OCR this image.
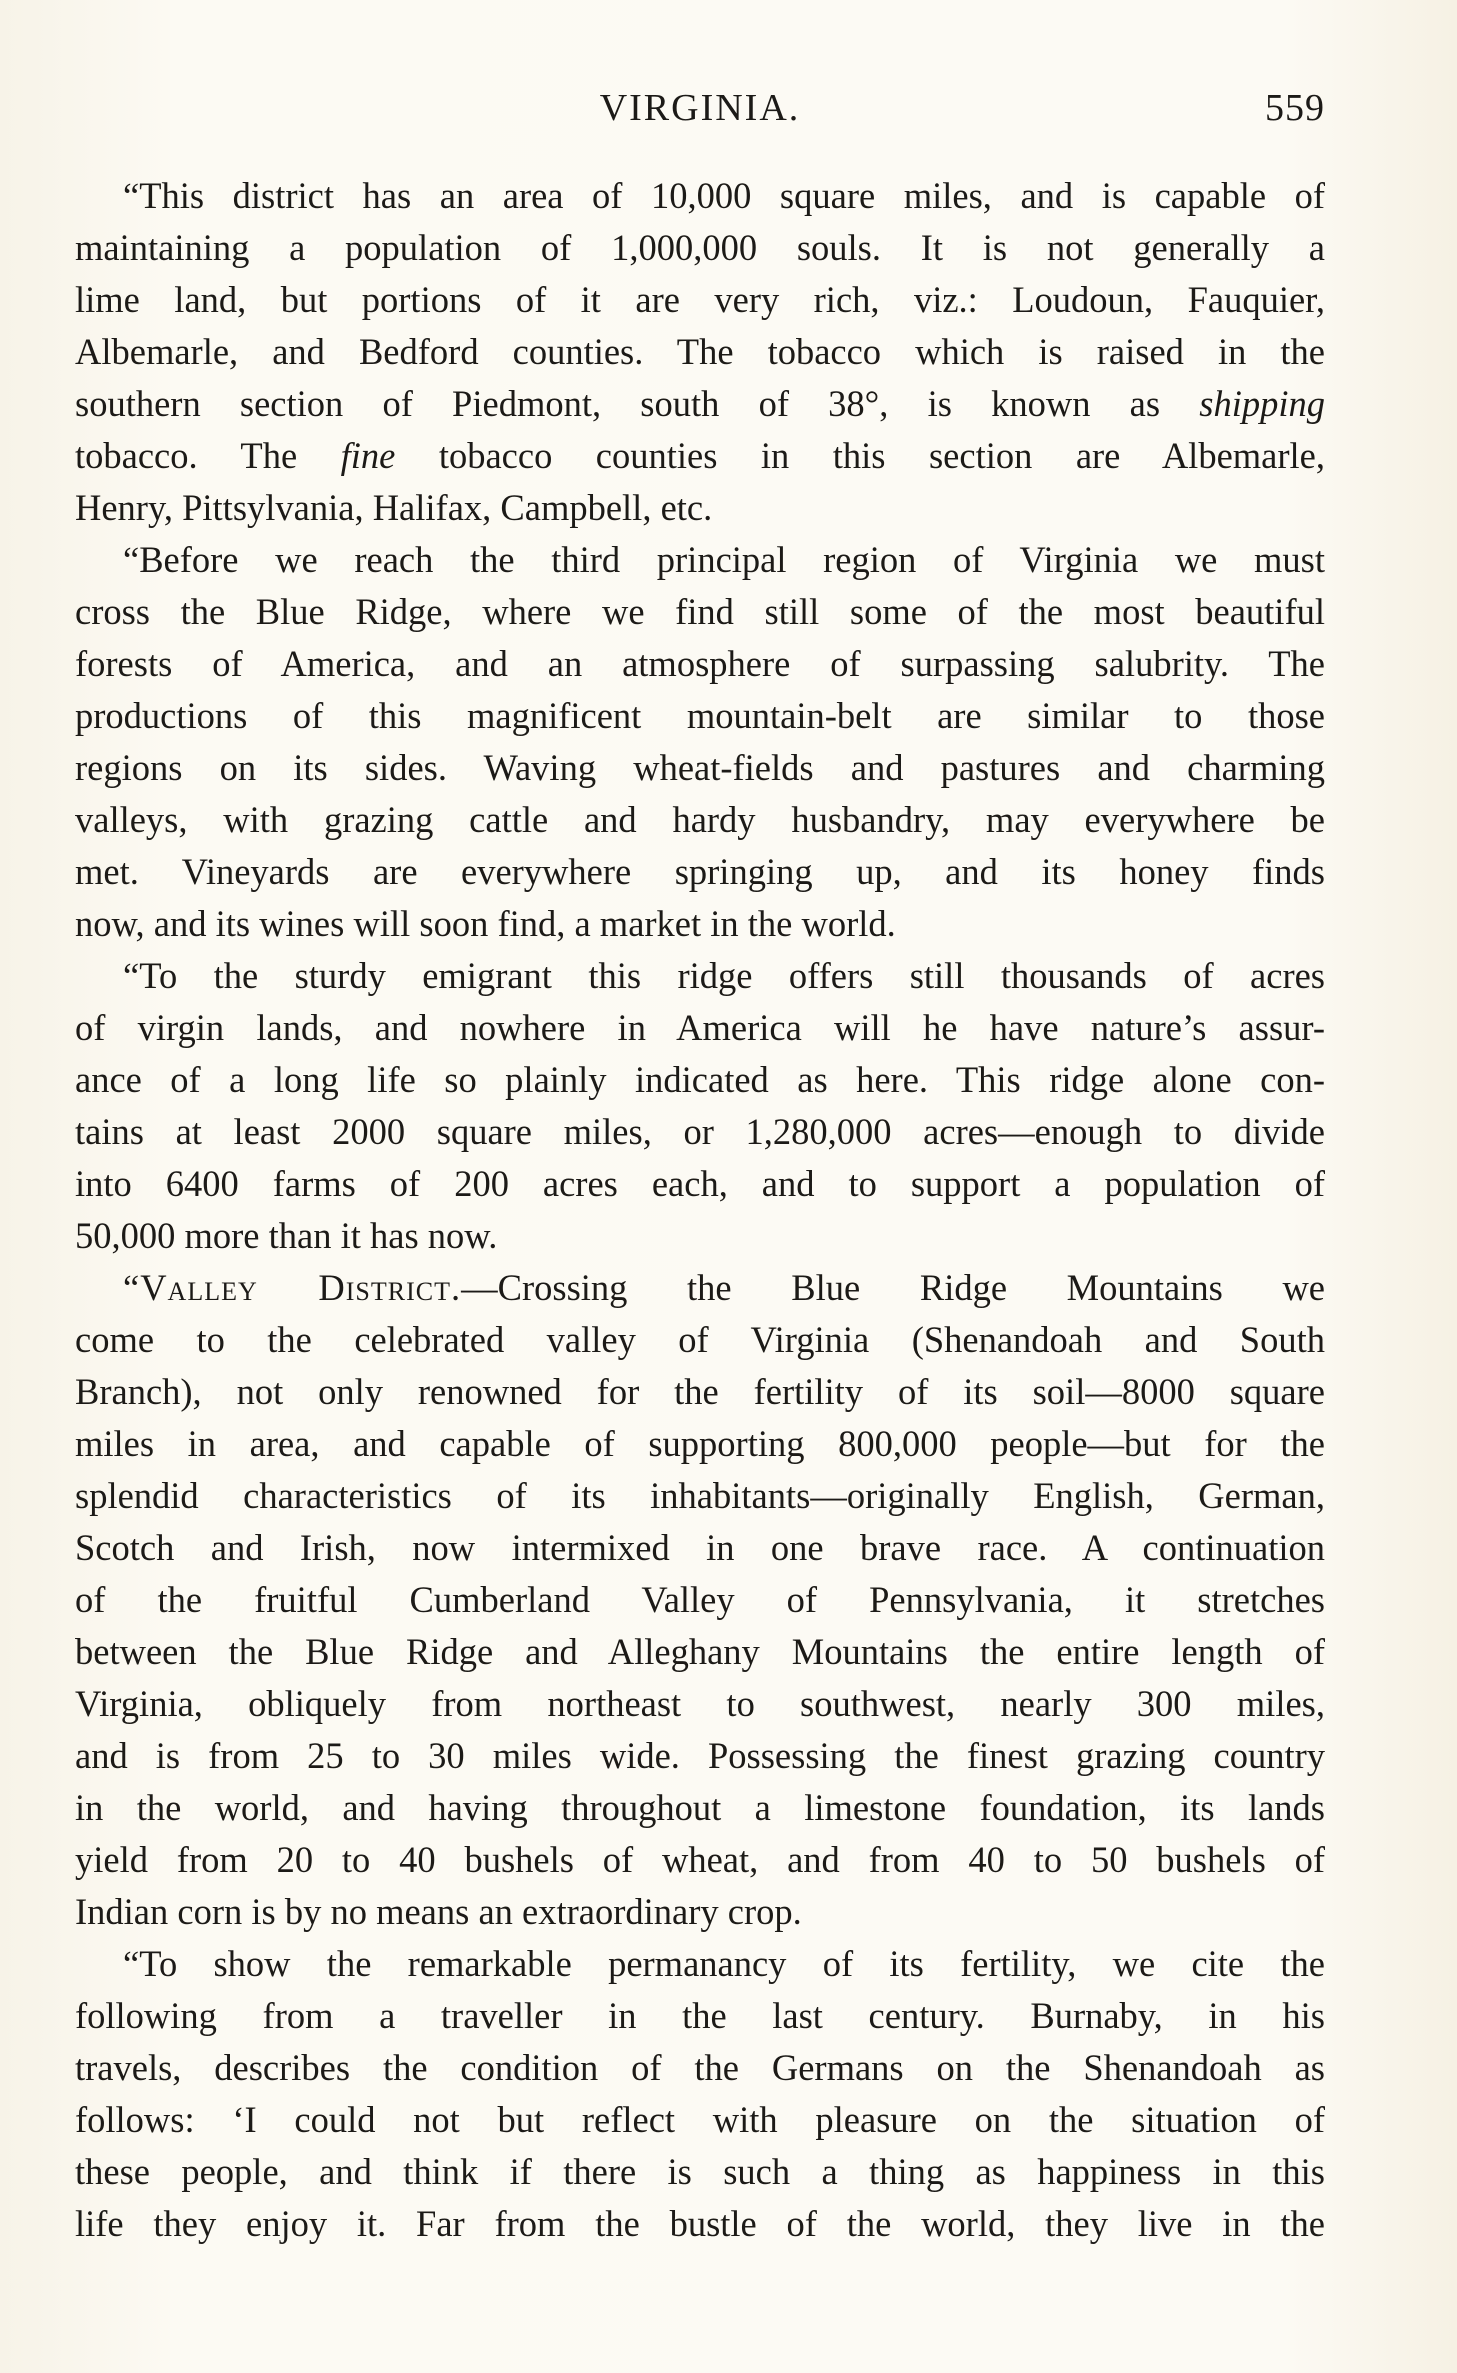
VIRGINIA.	559
“This district has an area of 10,000 square miles, and is capable of
maintaining a population of 1,000,000 souls. It is not generally a
lime land, but portions of it are very rich, viz.: Loudoun, Fauquier,
Albemarle, and Bedford counties. The tobacco which is raised in the
southern section of Piedmont, south of 38°, is known as shipping
tobacco. The fine tobacco counties in this section are Albemarle,
Henry, Pittsylvania, Halifax, Campbell, etc.
“Before we reach the third principal region of Virginia we must
cross the Blue Ridge, where we find still some of the most beautiful
forests of America, and an atmosphere of surpassing salubrity. The
productions of this magnificent mountain-belt are similar to those
regions on its sides. Waving wheat-fields and pastures and charming
valleys, with grazing cattle and hardy husbandry, may everywhere be
met. Vineyards are everywhere springing up, and its honey finds
now, and its wines will soon find, a market in the world.
“To the sturdy emigrant this ridge offers still thousands of acres
of virgin lands, and nowhere in America will he have nature’s assur-
ance of a long life so plainly indicated as here. This ridge alone con-
tains at least 2000 square miles, or 1,280,000 acres—enough to divide
into 6400 farms of 200 acres each, and to support a population of
50,000 more than it has now.
“Valley District.—Crossing the Blue Ridge Mountains we
come to the celebrated valley of Virginia (Shenandoah and South
Branch), not only renowned for the fertility of its soil—8000 square
miles in area, and capable of supporting 800,000 people—but for the
splendid characteristics of its inhabitants—originally English, German,
Scotch and Irish, now intermixed in one brave race. A continuation
of the fruitful Cumberland Valley of Pennsylvania, it stretches
between the Blue Ridge and Alleghany Mountains the entire length of
Virginia, obliquely from northeast to southwest, nearly 300 miles,
and is from 25 to 30 miles wide. Possessing the finest grazing country
in the world, and having throughout a limestone foundation, its lands
yield from 20 to 40 bushels of wheat, and from 40 to 50 bushels of
Indian corn is by no means an extraordinary crop.
“To show the remarkable permanancy of its fertility, we cite the
following from a traveller in the last century. Burnaby, in his
travels, describes the condition of the Germans on the Shenandoah as
follows: ‘I could not but reflect with pleasure on the situation of
these people, and think if there is such a thing as happiness in this
life they enjoy it. Far from the bustle of the world, they live in the
